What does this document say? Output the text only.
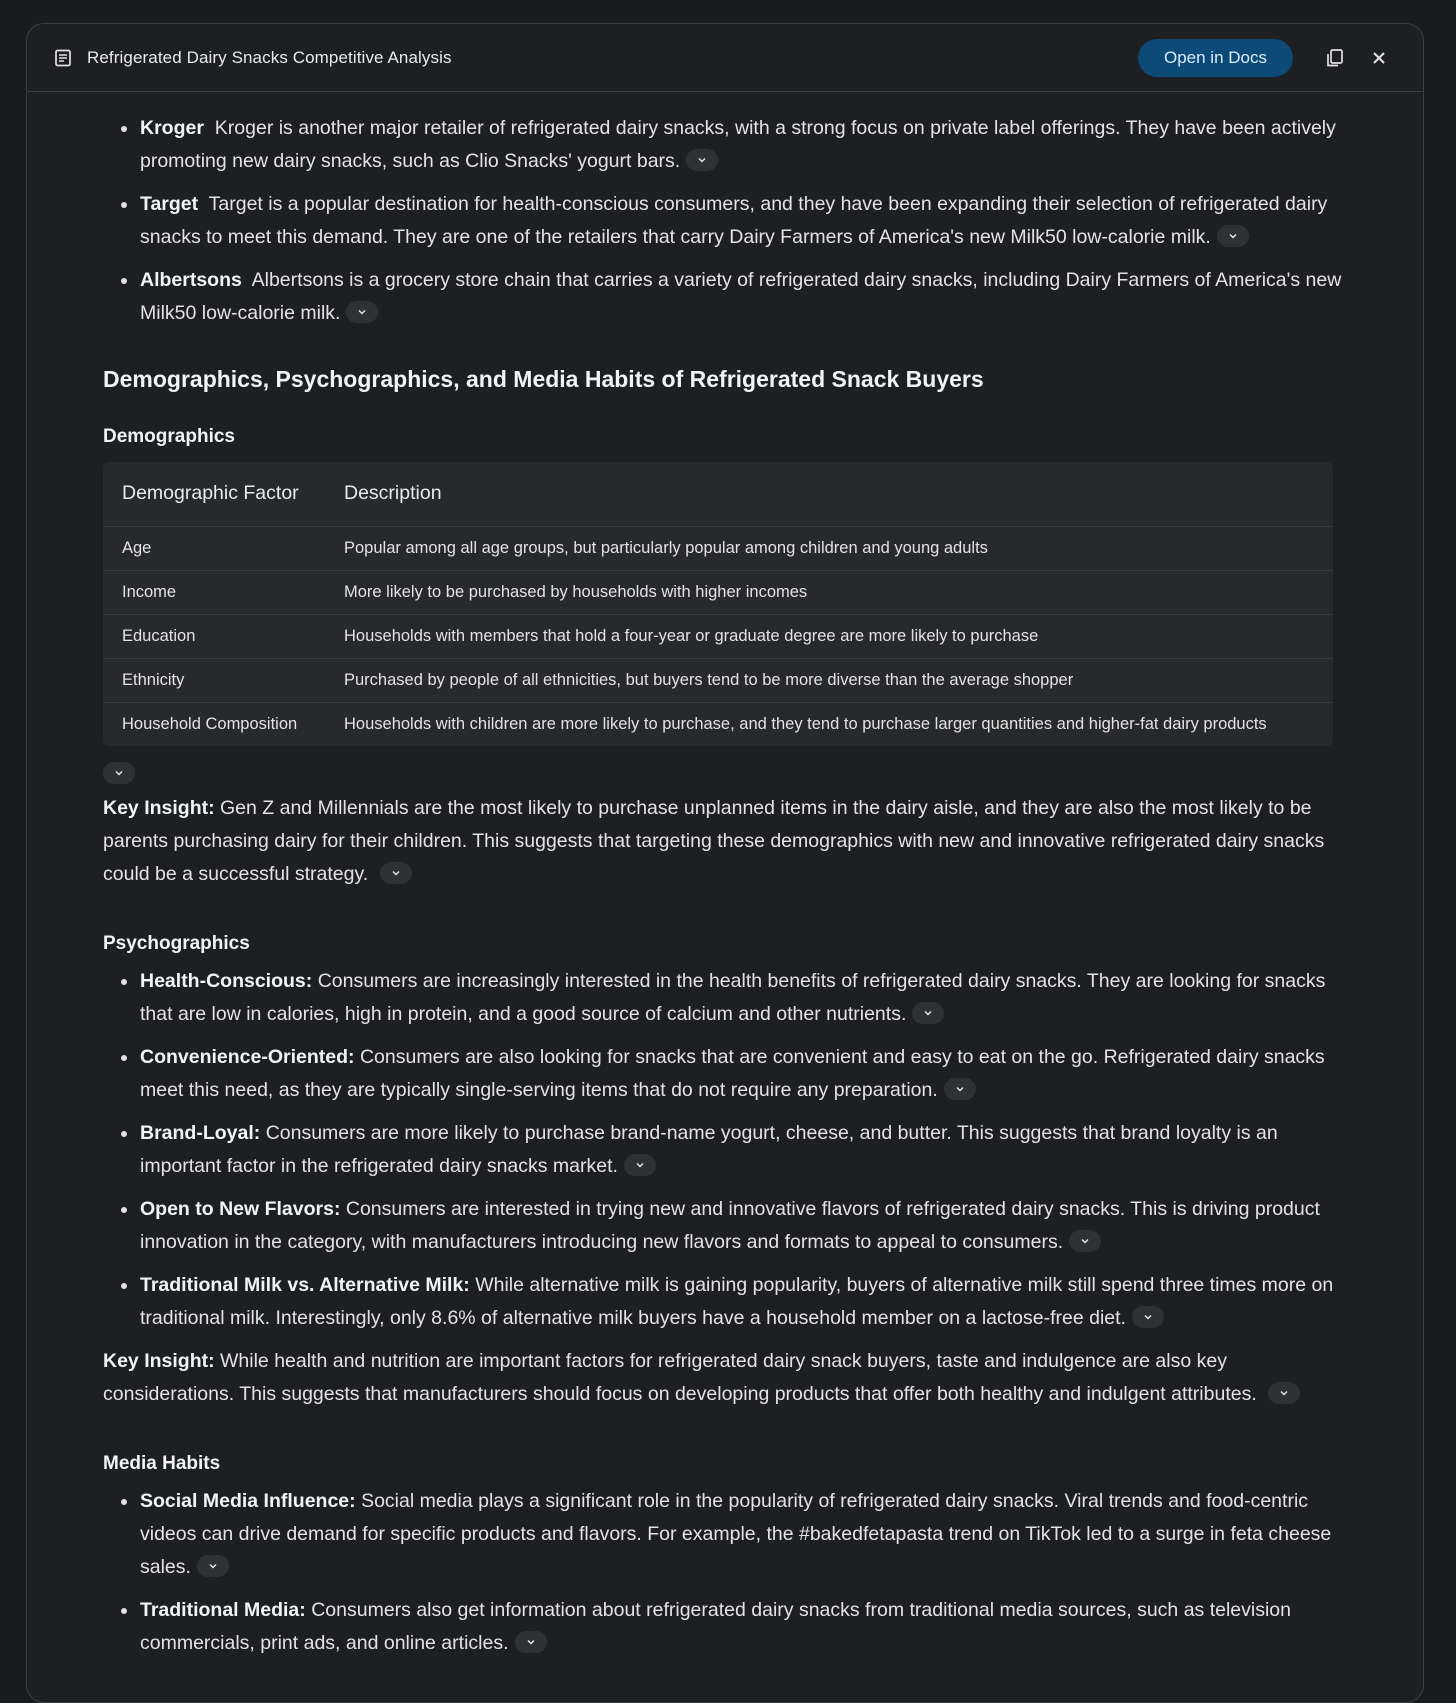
Refrigerated Dairy Snacks Competitive Analysis	Open in Docs
Kroger Kroger is another major retailer of refrigerated dairy snacks, with a strong focus on private label offerings. They have been actively promoting new dairy snacks, such as Clio Snacks' yogurt bars.
Target Target is a popular destination for health-conscious consumers, and they have been expanding their selection of refrigerated dairy snacks to meet this demand. They are one of the retailers that carry Dairy Farmers of America's new Milk50 low-calorie milk.
Albertsons Albertsons is a grocery store chain that carries a variety of refrigerated dairy snacks, including Dairy Farmers of America's new Milk50 low-calorie milk.
Demographics, Psychographics, and Media Habits of Refrigerated Snack Buyers
Demographics
Demographic Factor	Description
Age	Popular among all age groups, but particularly popular among children and young adults
Income	More likely to be purchased by households with higher incomes
Education	Households with members that hold a four-year or graduate degree are more likely to purchase
Ethnicity	Purchased by people of all ethnicities, but buyers tend to be more diverse than the average shopper
Household Composition	Households with children are more likely to purchase, and they tend to purchase larger quantities and higher-fat dairy products

Key Insight: Gen Z and Millennials are the most likely to purchase unplanned items in the dairy aisle, and they are also the most likely to be parents purchasing dairy for their children. This suggests that targeting these demographics with new and innovative refrigerated dairy snacks could be a successful strategy.

Psychographics
Health-Conscious: Consumers are increasingly interested in the health benefits of refrigerated dairy snacks. They are looking for snacks that are low in calories, high in protein, and a good source of calcium and other nutrients.
Convenience-Oriented: Consumers are also looking for snacks that are convenient and easy to eat on the go. Refrigerated dairy snacks meet this need, as they are typically single-serving items that do not require any preparation.
Brand-Loyal: Consumers are more likely to purchase brand-name yogurt, cheese, and butter. This suggests that brand loyalty is an important factor in the refrigerated dairy snacks market.
Open to New Flavors: Consumers are interested in trying new and innovative flavors of refrigerated dairy snacks. This is driving product innovation in the category, with manufacturers introducing new flavors and formats to appeal to consumers.
Traditional Milk vs. Alternative Milk: While alternative milk is gaining popularity, buyers of alternative milk still spend three times more on traditional milk. Interestingly, only 8.6% of alternative milk buyers have a household member on a lactose-free diet.

Key Insight: While health and nutrition are important factors for refrigerated dairy snack buyers, taste and indulgence are also key considerations. This suggests that manufacturers should focus on developing products that offer both healthy and indulgent attributes.

Media Habits
Social Media Influence: Social media plays a significant role in the popularity of refrigerated dairy snacks. Viral trends and food-centric videos can drive demand for specific products and flavors. For example, the #bakedfetapasta trend on TikTok led to a surge in feta cheese sales.
Traditional Media: Consumers also get information about refrigerated dairy snacks from traditional media sources, such as television commercials, print ads, and online articles.
